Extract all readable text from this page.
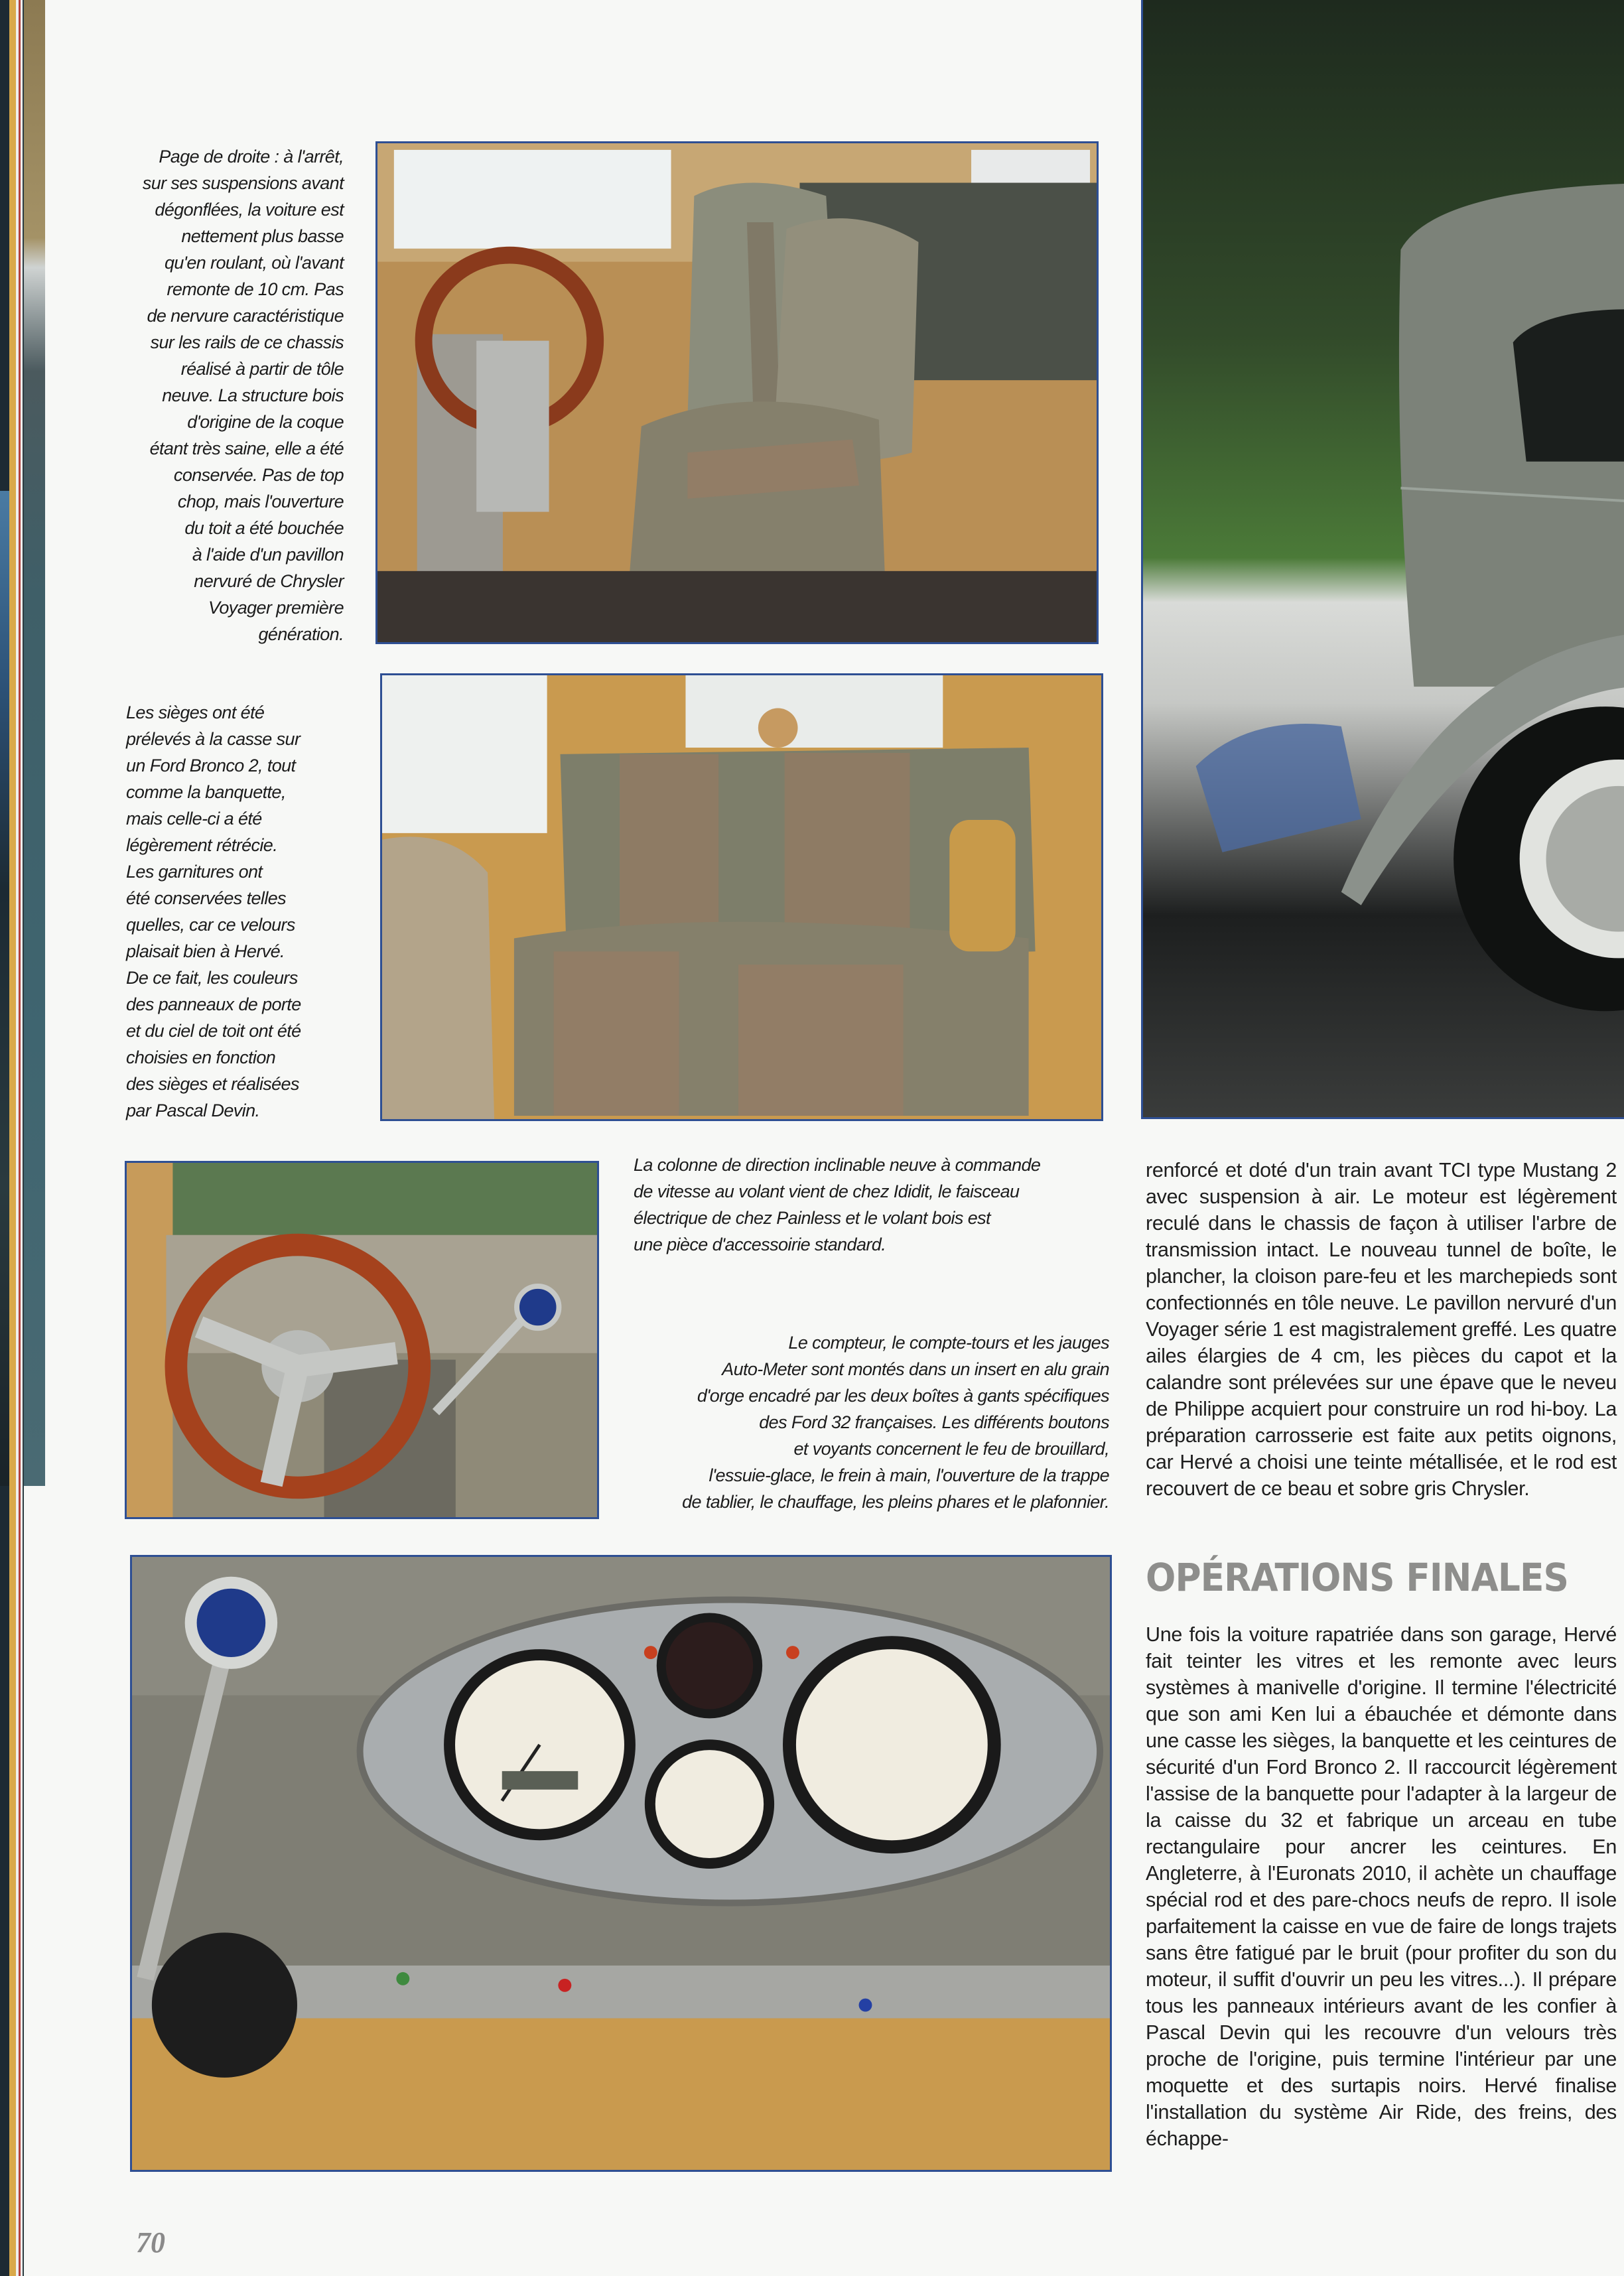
Page de droite : à l'arrêt,
sur ses suspensions avant
dégonflées, la voiture est
nettement plus basse
qu'en roulant, où l'avant
remonte de 10 cm. Pas
de nervure caractéristique
sur les rails de ce chassis
réalisé à partir de tôle
neuve. La structure bois
d'origine de la coque
étant très saine, elle a été
conservée. Pas de top
chop, mais l'ouverture
du toit a été bouchée
à l'aide d'un pavillon
nervuré de Chrysler
Voyager première
génération.
Les sièges ont été
prélevés à la casse sur
un Ford Bronco 2, tout
comme la banquette,
mais celle-ci a été
légèrement rétrécie.
Les garnitures ont
été conservées telles
quelles, car ce velours
plaisait bien à Hervé.
De ce fait, les couleurs
des panneaux de porte
et du ciel de toit ont été
choisies en fonction
des sièges et réalisées
par Pascal Devin.
La colonne de direction inclinable neuve à commande
de vitesse au volant vient de chez Ididit, le faisceau
électrique de chez Painless et le volant bois est
une pièce d'accessoirie standard.
Le compteur, le compte-tours et les jauges
Auto-Meter sont montés dans un insert en alu grain
d'orge encadré par les deux boîtes à gants spécifiques
des Ford 32 françaises. Les différents boutons
et voyants concernent le feu de brouillard,
l'essuie-glace, le frein à main, l'ouverture de la trappe
de tablier, le chauffage, les pleins phares et le plafonnier.
renforcé et doté d'un train avant TCI type Mustang 2 avec suspension à air. Le moteur est légèrement reculé dans le chassis de façon à utiliser l'arbre de transmission intact. Le nouveau tunnel de boîte, le plancher, la cloison pare-feu et les marchepieds sont confectionnés en tôle neuve. Le pavillon nervuré d'un Voyager série 1 est magistralement greffé. Les quatre ailes élargies de 4 cm, les pièces du capot et la calandre sont prélevées sur une épave que le neveu de Philippe acquiert pour construire un rod hi-boy. La préparation carrosserie est faite aux petits oignons, car Hervé a choisi une teinte métallisée, et le rod est recouvert de ce beau et sobre gris Chrysler.
OPÉRATIONS FINALES
Une fois la voiture rapatriée dans son garage, Hervé fait teinter les vitres et les remonte avec leurs systèmes à manivelle d'origine. Il termine l'électricité que son ami Ken lui a ébauchée et démonte dans une casse les sièges, la banquette et les ceintures de sécurité d'un Ford Bronco 2. Il raccourcit légèrement l'assise de la banquette pour l'adapter à la largeur de la caisse du 32 et fabrique un arceau en tube rectangulaire pour ancrer les ceintures. En Angleterre, à l'Euronats 2010, il achète un chauffage spécial rod et des pare-chocs neufs de repro. Il isole parfaitement la caisse en vue de faire de longs trajets sans être fatigué par le bruit (pour profiter du son du moteur, il suffit d'ouvrir un peu les vitres...). Il prépare tous les panneaux intérieurs avant de les confier à Pascal Devin qui les recouvre d'un velours très proche de l'origine, puis termine l'intérieur par une moquette et des surtapis noirs. Hervé finalise l'installation du système Air Ride, des freins, des échappe-
70
